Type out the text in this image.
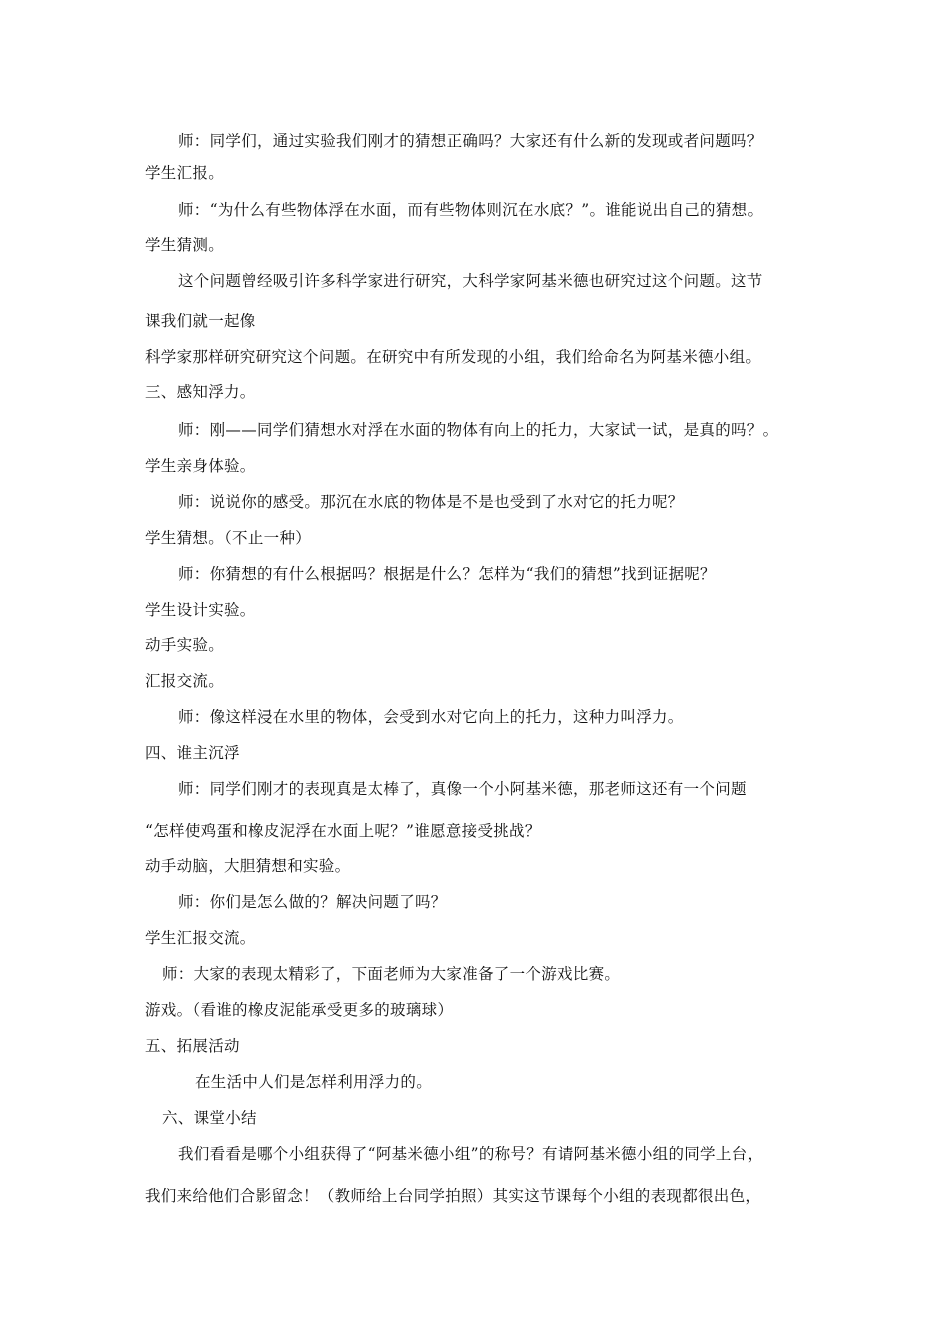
师：同学们，通过实验我们刚才的猜想正确吗？大家还有什么新的发现或者问题吗？
学生汇报。
师：“为什么有些物体浮在水面，而有些物体则沉在水底？”。谁能说出自己的猜想。
学生猜测。
这个问题曾经吸引许多科学家进行研究，大科学家阿基米德也研究过这个问题。这节
课我们就一起像
科学家那样研究研究这个问题。在研究中有所发现的小组，我们给命名为阿基米德小组。
三、感知浮力。
师：刚——同学们猜想水对浮在水面的物体有向上的托力，大家试一试，是真的吗？。
学生亲身体验。
师：说说你的感受。那沉在水底的物体是不是也受到了水对它的托力呢？
学生猜想。（不止一种）
师：你猜想的有什么根据吗？根据是什么？怎样为“我们的猜想”找到证据呢？
学生设计实验。
动手实验。
汇报交流。
师：像这样浸在水里的物体，会受到水对它向上的托力，这种力叫浮力。
四、谁主沉浮
师：同学们刚才的表现真是太棒了，真像一个小阿基米德，那老师这还有一个问题
“怎样使鸡蛋和橡皮泥浮在水面上呢？”谁愿意接受挑战？
动手动脑，大胆猜想和实验。
师：你们是怎么做的？解决问题了吗？
学生汇报交流。
师：大家的表现太精彩了，下面老师为大家准备了一个游戏比赛。
游戏。（看谁的橡皮泥能承受更多的玻璃球）
五、拓展活动
在生活中人们是怎样利用浮力的。
六、课堂小结
我们看看是哪个小组获得了“阿基米德小组”的称号？有请阿基米德小组的同学上台，
我们来给他们合影留念！（教师给上台同学拍照）其实这节课每个小组的表现都很出色，
